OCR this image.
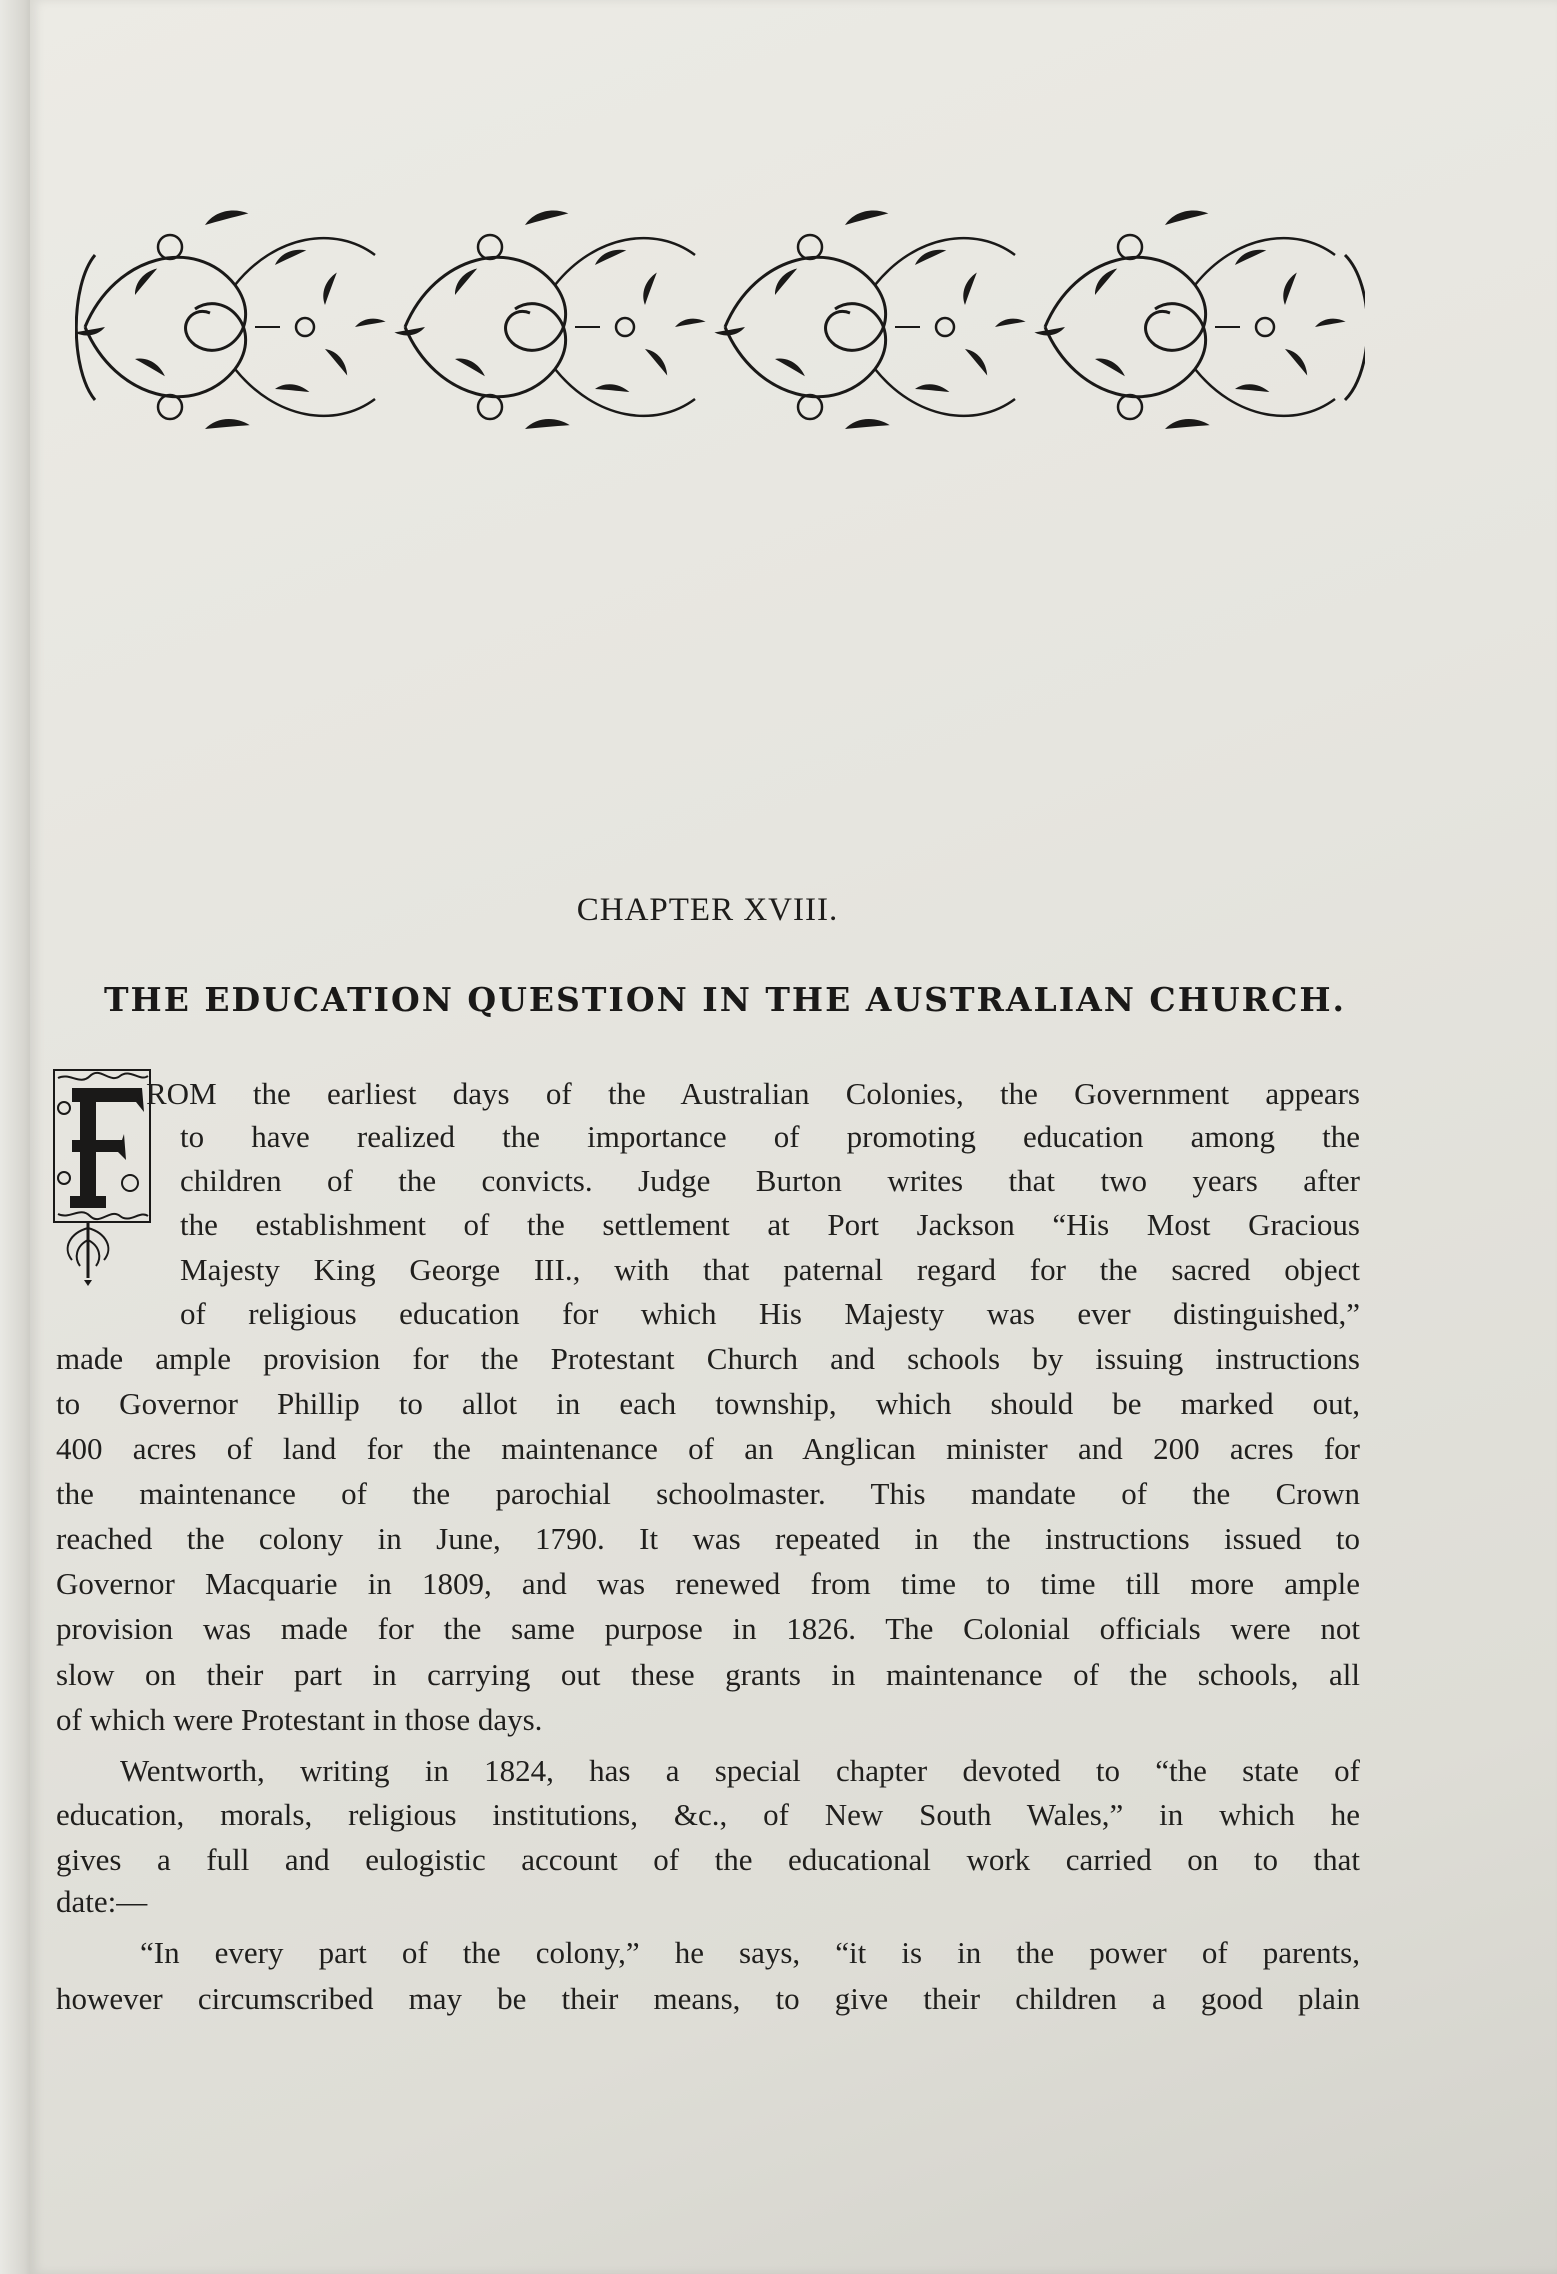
CHAPTER XVIII.
THE EDUCATION QUESTION IN THE AUSTRALIAN CHURCH.
ROM the earliest days of the Australian Colonies, the Government appears
to have realized the importance of promoting education among the
children of the convicts. Judge Burton writes that two years after
the establishment of the settlement at Port Jackson “His Most Gracious
Majesty King George III., with that paternal regard for the sacred object
of religious education for which His Majesty was ever distinguished,”
made ample provision for the Protestant Church and schools by issuing instructions
to Governor Phillip to allot in each township, which should be marked out,
400 acres of land for the maintenance of an Anglican minister and 200 acres for
the maintenance of the parochial schoolmaster. This mandate of the Crown
reached the colony in June, 1790. It was repeated in the instructions issued to
Governor Macquarie in 1809, and was renewed from time to time till more ample
provision was made for the same purpose in 1826. The Colonial officials were not
slow on their part in carrying out these grants in maintenance of the schools, all
of which were Protestant in those days.
Wentworth, writing in 1824, has a special chapter devoted to “the state of
education, morals, religious institutions, &c., of New South Wales,” in which he
gives a full and eulogistic account of the educational work carried on to that
date:—
“In every part of the colony,” he says, “it is in the power of parents,
however circumscribed may be their means, to give their children a good plain
